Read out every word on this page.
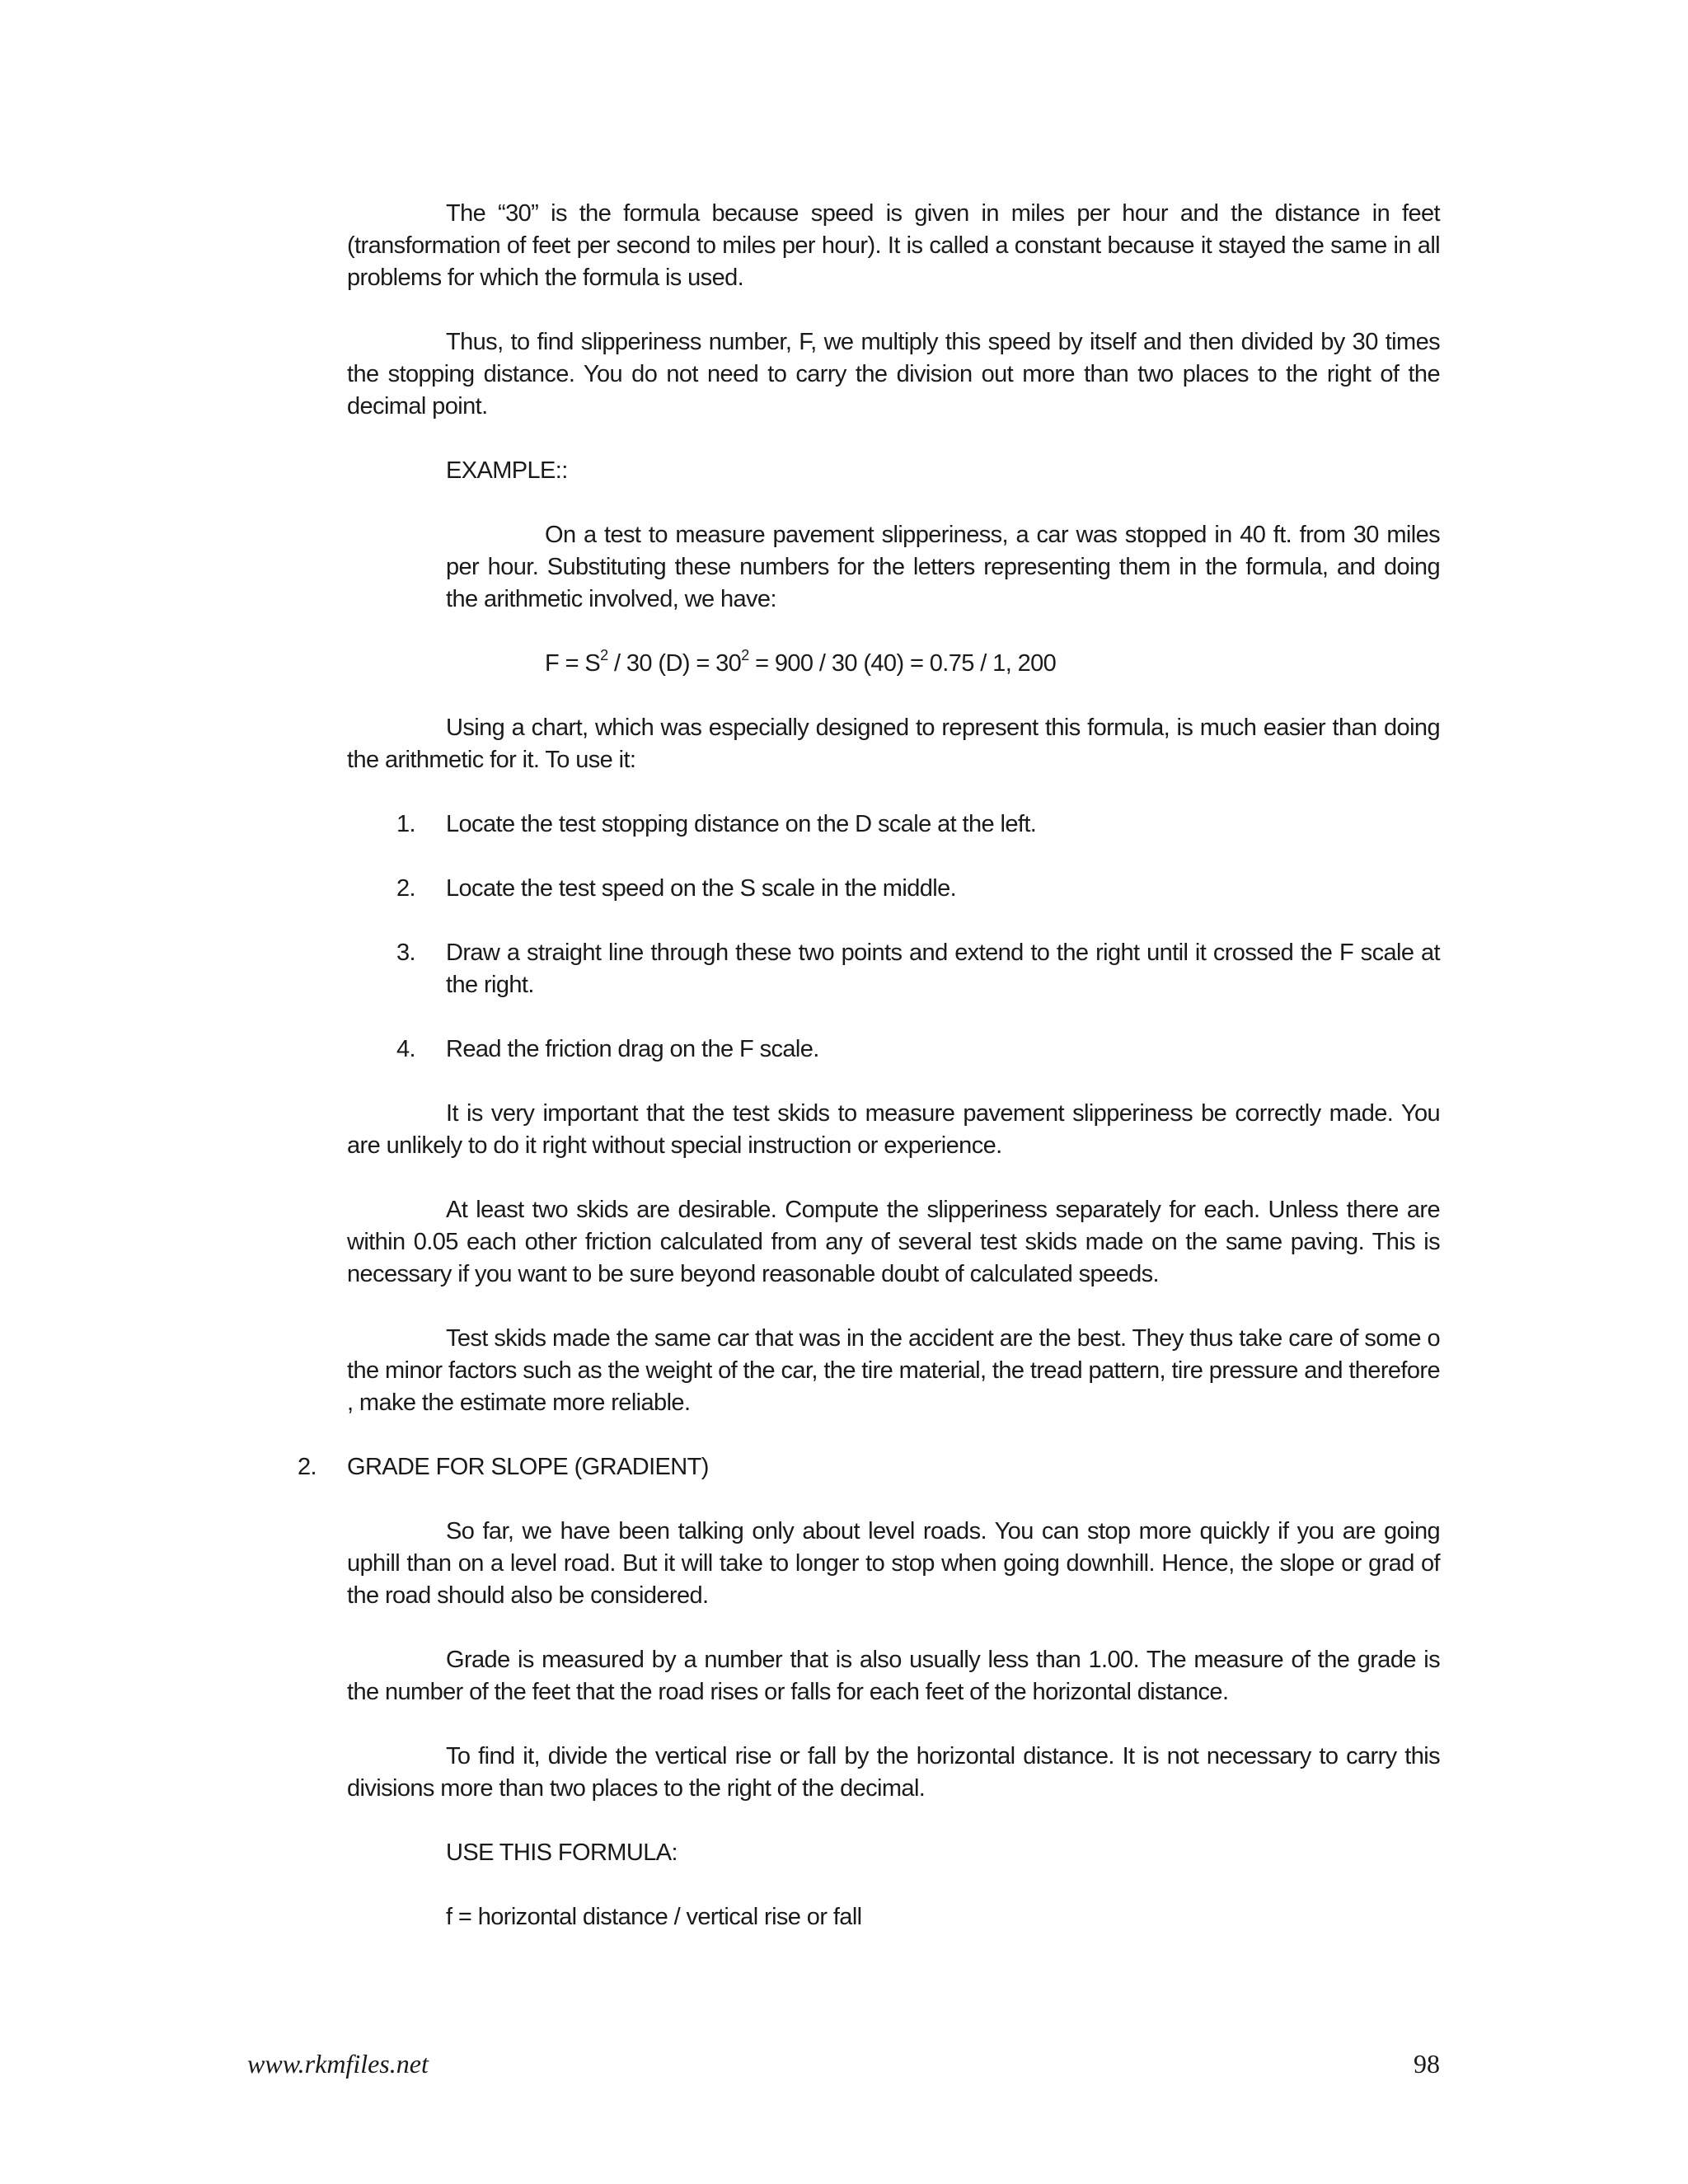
The “30” is the formula because speed is given in miles per hour and the distance in feet (transformation of feet per second to miles per hour). It is called a constant because it stayed the same in all problems for which the formula is used.

Thus, to find slipperiness number, F, we multiply this speed by itself and then divided by 30 times the stopping distance. You do not need to carry the division out more than two places to the right of the decimal point.

EXAMPLE::

On a test to measure pavement slipperiness, a car was stopped in 40 ft. from 30 miles per hour. Substituting these numbers for the letters representing them in the formula, and doing the arithmetic involved, we have:

$F = S^2 / 30$ $(D) = 30^2 = 900 / 30$ (40) = 0.75 / 1, 200

Using a chart, which was especially designed to represent this formula, is much easier than doing the arithmetic for it. To use it:

1. Locate the test stopping distance on the D scale at the left.
2. Locate the test speed on the S scale in the middle.
3. Draw a straight line through these two points and extend to the right until it crossed the F scale at the right.
4. Read the friction drag on the F scale.

It is very important that the test skids to measure pavement slipperiness be correctly made. You are unlikely to do it right without special instruction or experience.

At least two skids are desirable. Compute the slipperiness separately for each. Unless there are within 0.05 each other friction calculated from any of several test skids made on the same paving. This is necessary if you want to be sure beyond reasonable doubt of calculated speeds.

Test skids made the same car that was in the accident are the best. They thus take care of some o the minor factors such as the weight of the car, the tire material, the tread pattern, tire pressure and therefore , make the estimate more reliable.

2. GRADE FOR SLOPE (GRADIENT)

So far, we have been talking only about level roads. You can stop more quickly if you are going uphill than on a level road. But it will take to longer to stop when going downhill. Hence, the slope or grad of the road should also be considered.

Grade is measured by a number that is also usually less than 1.00. The measure of the grade is the number of the feet that the road rises or falls for each feet of the horizontal distance.

To find it, divide the vertical rise or fall by the horizontal distance. It is not necessary to carry this divisions more than two places to the right of the decimal.

USE THIS FORMULA:

f = horizontal distance / vertical rise or fall

www.rkmfiles.net	98
